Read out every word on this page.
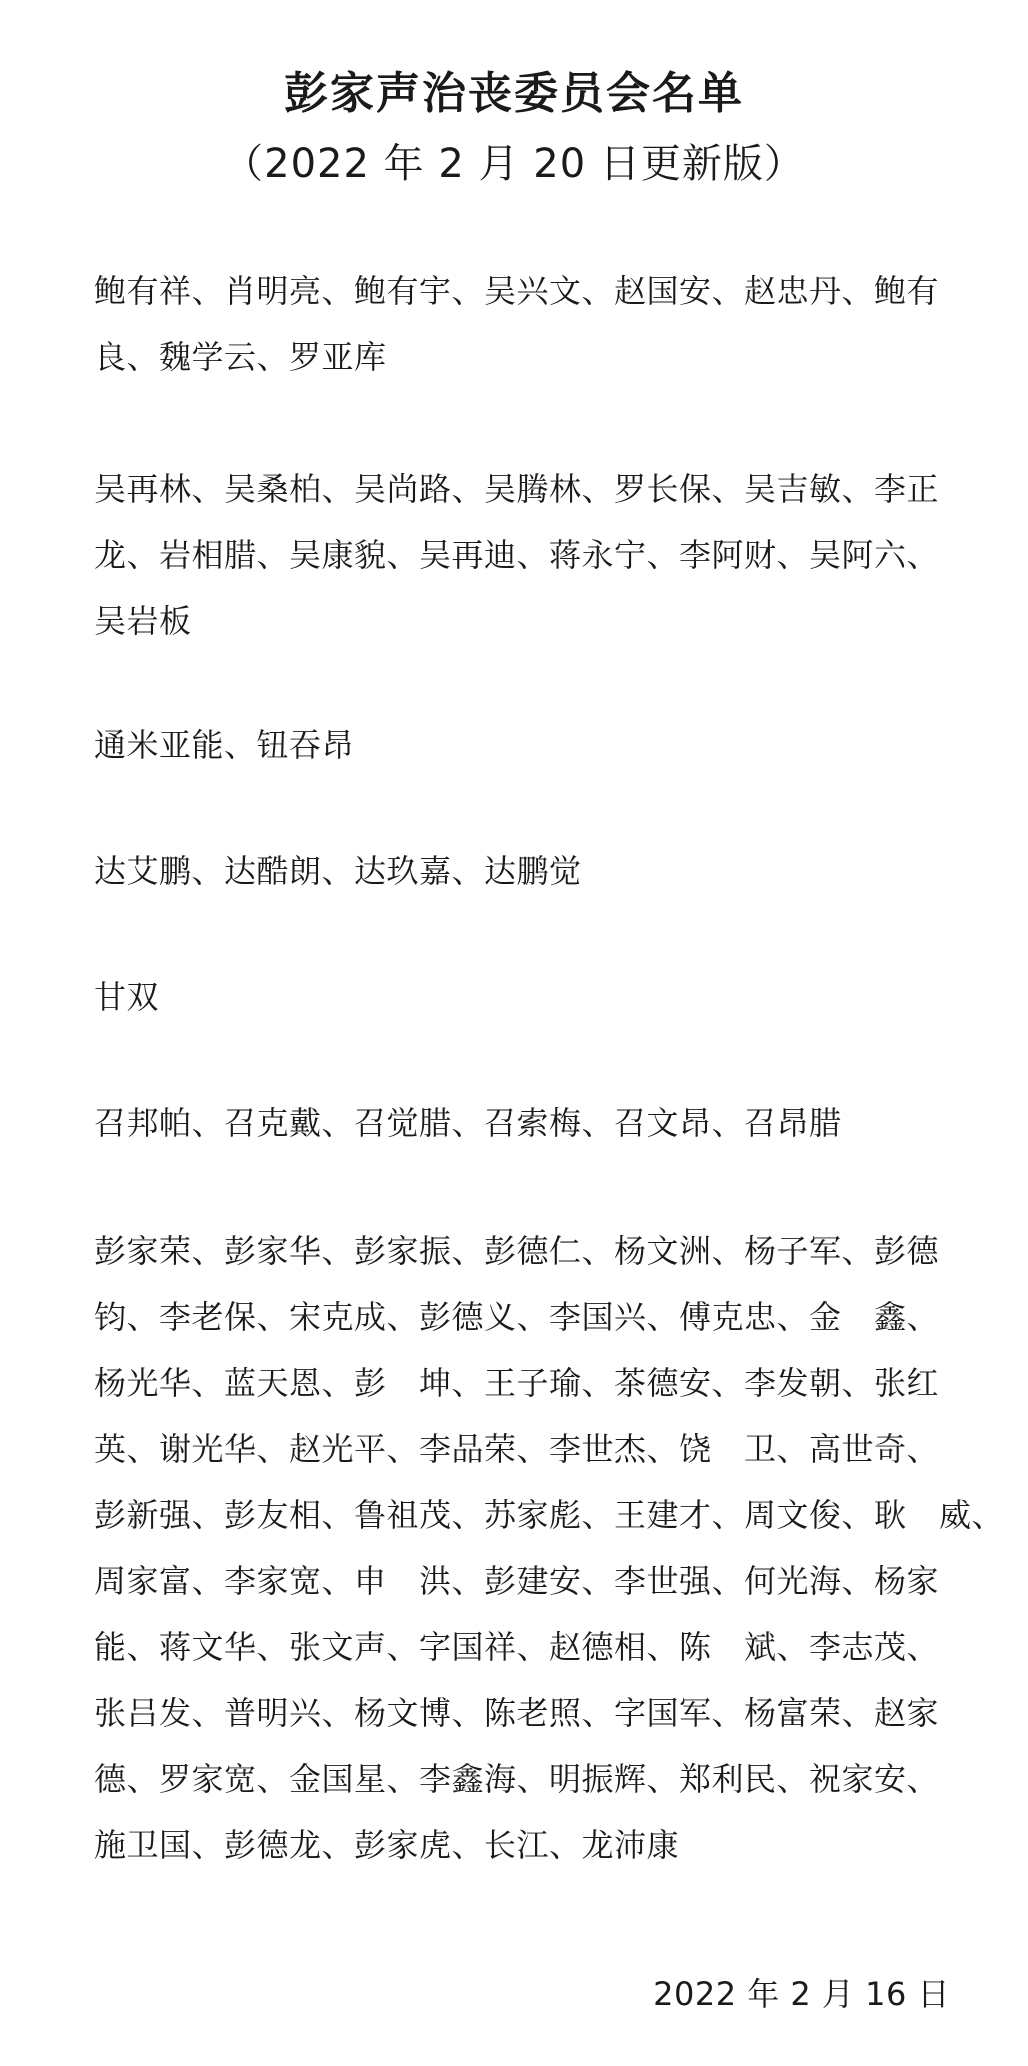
彭家声治丧委员会名单
（2022 年 2 月 20 日更新版）
鲍有祥、肖明亮、鲍有宇、吴兴文、赵国安、赵忠丹、鲍有
良、魏学云、罗亚库
吴再林、吴桑柏、吴尚路、吴腾林、罗长保、吴吉敏、李正
龙、岩相腊、吴康貌、吴再迪、蒋永宁、李阿财、吴阿六、
吴岩板
通米亚能、钮吞昂
达艾鹏、达酷朗、达玖嘉、达鹏觉
甘双
召邦帕、召克戴、召觉腊、召索梅、召文昂、召昂腊
彭家荣、彭家华、彭家振、彭德仁、杨文洲、杨子军、彭德
钧、李老保、宋克成、彭德义、李国兴、傅克忠、金　鑫、
杨光华、蓝天恩、彭　坤、王子瑜、茶德安、李发朝、张红
英、谢光华、赵光平、李品荣、李世杰、饶　卫、高世奇、
彭新强、彭友相、鲁祖茂、苏家彪、王建才、周文俊、耿　威、
周家富、李家宽、申　洪、彭建安、李世强、何光海、杨家
能、蒋文华、张文声、字国祥、赵德相、陈　斌、李志茂、
张吕发、普明兴、杨文博、陈老照、字国军、杨富荣、赵家
德、罗家宽、金国星、李鑫海、明振辉、郑利民、祝家安、
施卫国、彭德龙、彭家虎、长江、龙沛康
2022 年 2 月 16 日
